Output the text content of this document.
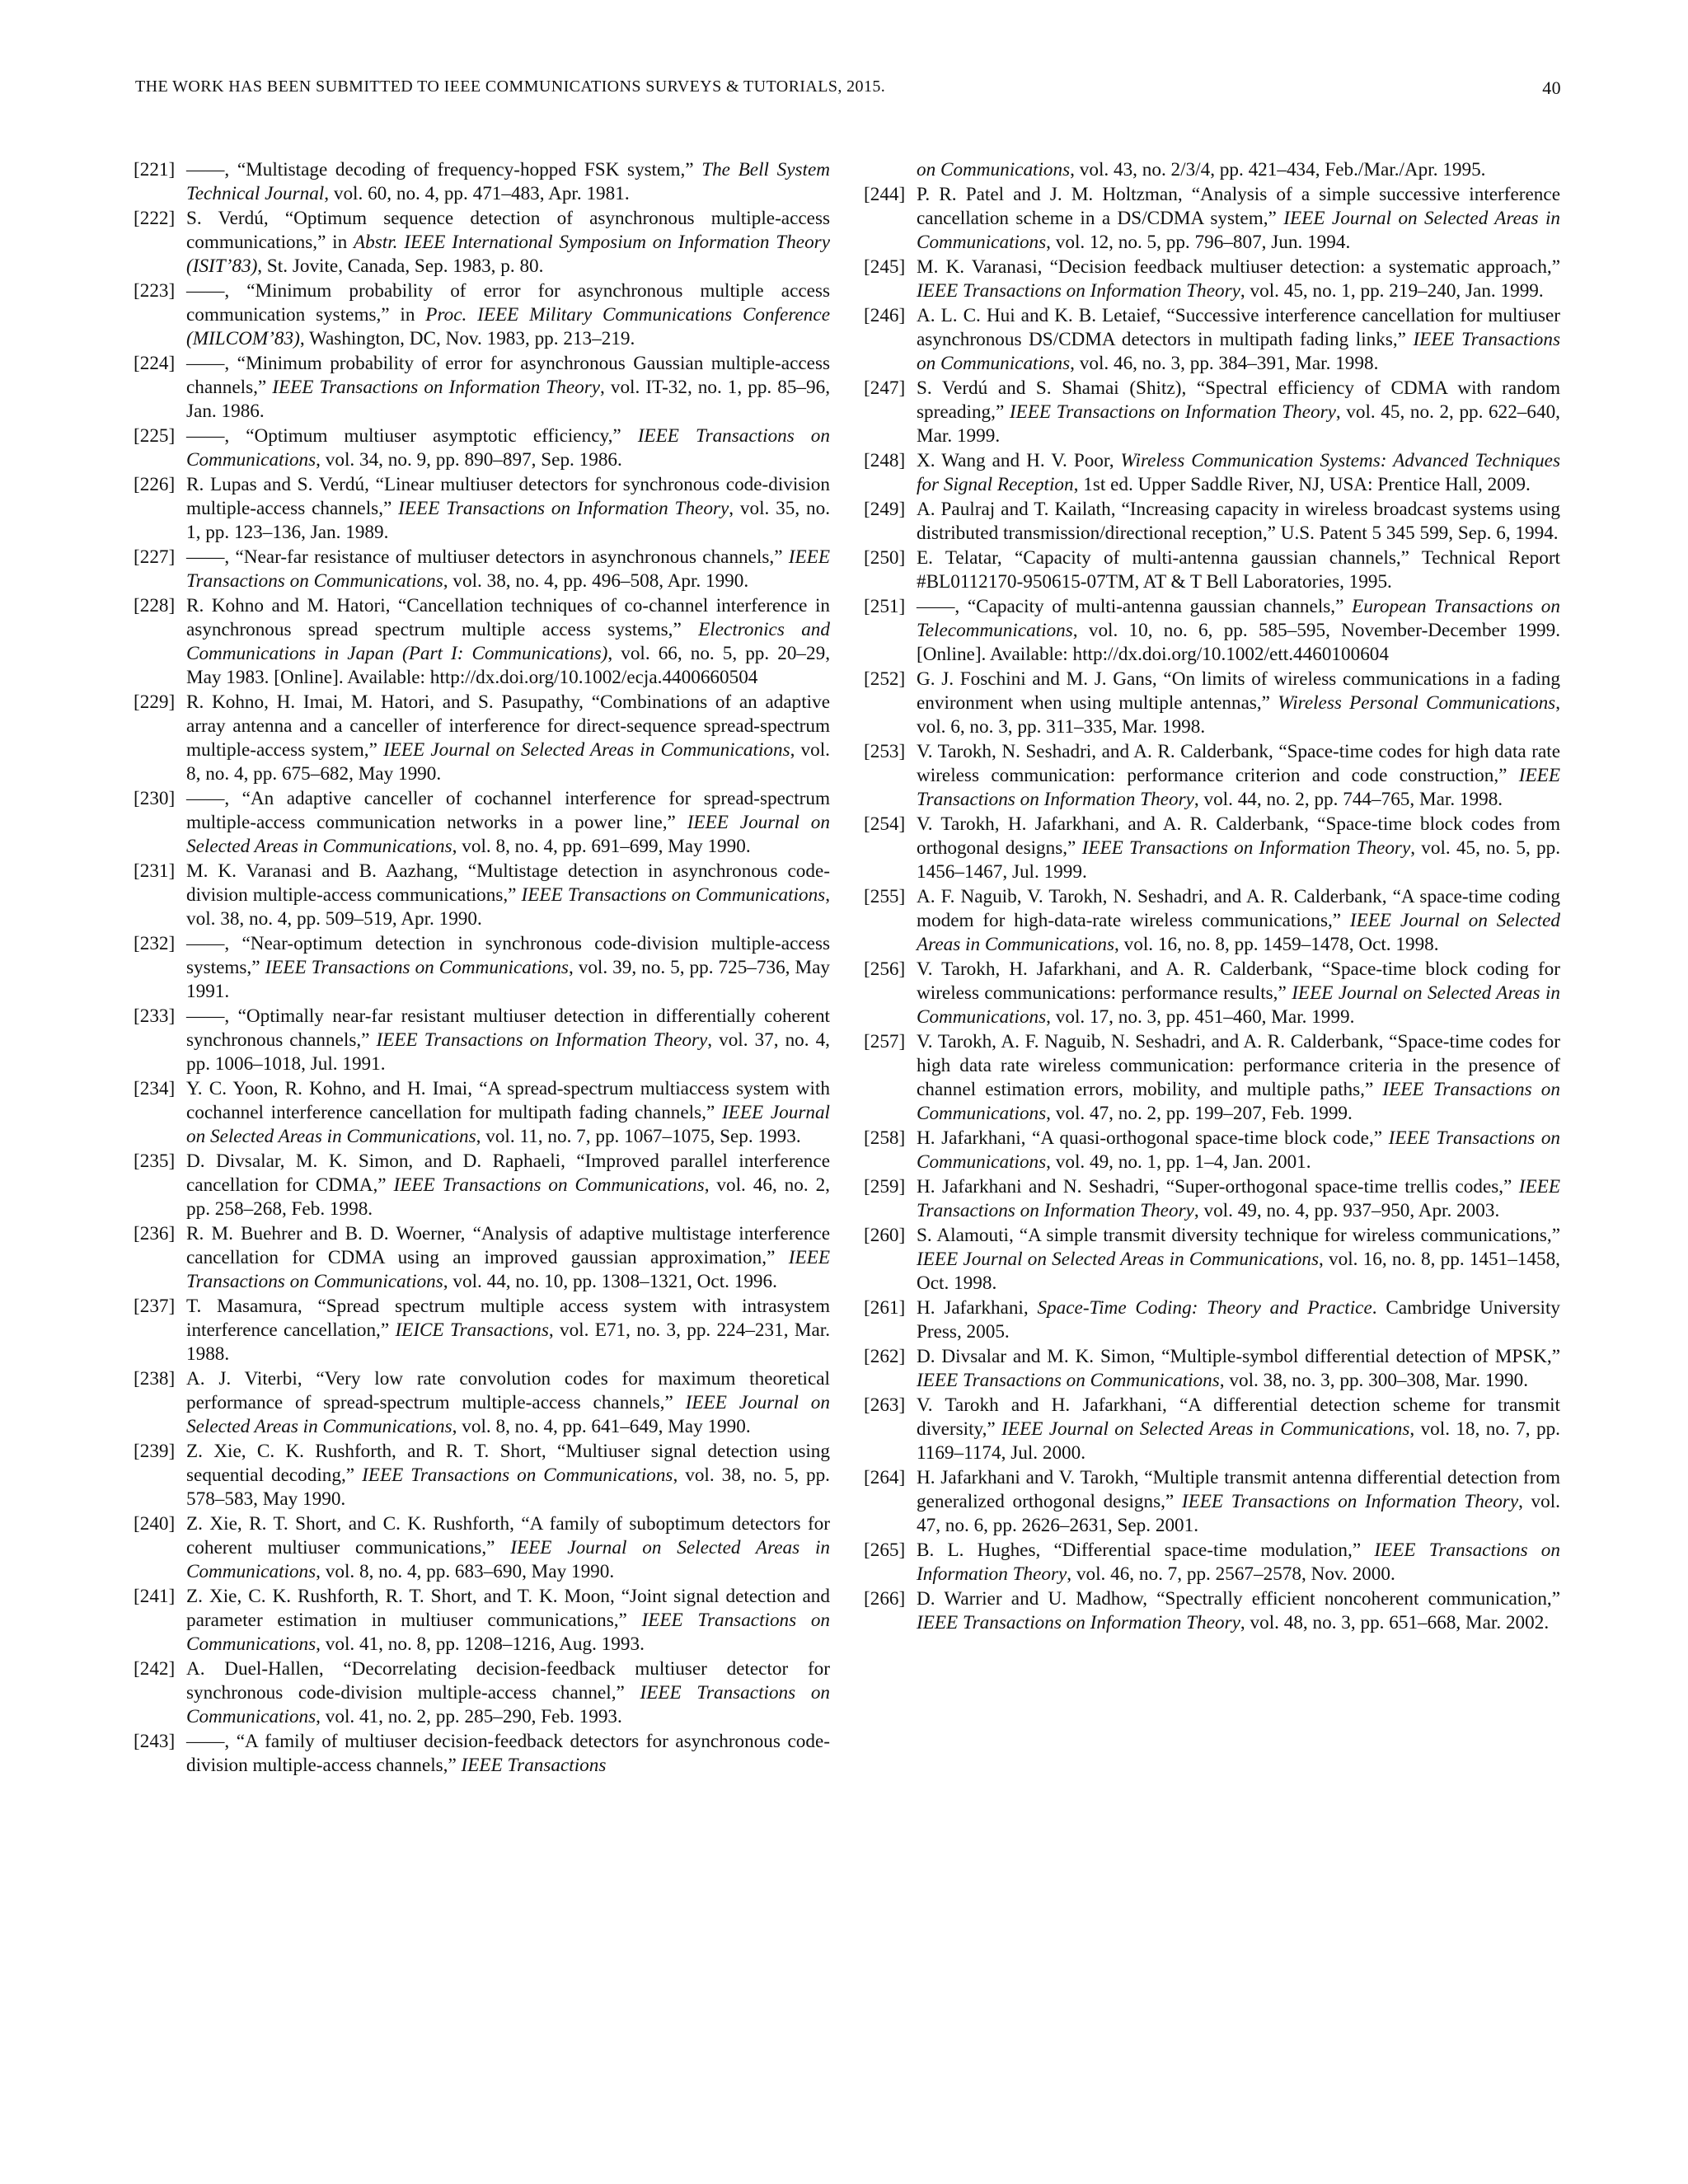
THE WORK HAS BEEN SUBMITTED TO IEEE COMMUNICATIONS SURVEYS & TUTORIALS, 2015.	40
[221] ——, “Multistage decoding of frequency-hopped FSK system,” The Bell System Technical Journal, vol. 60, no. 4, pp. 471–483, Apr. 1981.
[222] S. Verdú, “Optimum sequence detection of asynchronous multiple-access communications,” in Abstr. IEEE International Symposium on Information Theory (ISIT’83), St. Jovite, Canada, Sep. 1983, p. 80.
[223] ——, “Minimum probability of error for asynchronous multiple access communication systems,” in Proc. IEEE Military Communications Conference (MILCOM’83), Washington, DC, Nov. 1983, pp. 213–219.
[224] ——, “Minimum probability of error for asynchronous Gaussian multiple-access channels,” IEEE Transactions on Information Theory, vol. IT-32, no. 1, pp. 85–96, Jan. 1986.
[225] ——, “Optimum multiuser asymptotic efficiency,” IEEE Transactions on Communications, vol. 34, no. 9, pp. 890–897, Sep. 1986.
[226] R. Lupas and S. Verdú, “Linear multiuser detectors for synchronous code-division multiple-access channels,” IEEE Transactions on Information Theory, vol. 35, no. 1, pp. 123–136, Jan. 1989.
[227] ——, “Near-far resistance of multiuser detectors in asynchronous channels,” IEEE Transactions on Communications, vol. 38, no. 4, pp. 496–508, Apr. 1990.
[228] R. Kohno and M. Hatori, “Cancellation techniques of co-channel interference in asynchronous spread spectrum multiple access systems,” Electronics and Communications in Japan (Part I: Communications), vol. 66, no. 5, pp. 20–29, May 1983. [Online]. Available: http://dx.doi.org/10.1002/ecja.4400660504
[229] R. Kohno, H. Imai, M. Hatori, and S. Pasupathy, “Combinations of an adaptive array antenna and a canceller of interference for direct-sequence spread-spectrum multiple-access system,” IEEE Journal on Selected Areas in Communications, vol. 8, no. 4, pp. 675–682, May 1990.
[230] ——, “An adaptive canceller of cochannel interference for spread-spectrum multiple-access communication networks in a power line,” IEEE Journal on Selected Areas in Communications, vol. 8, no. 4, pp. 691–699, May 1990.
[231] M. K. Varanasi and B. Aazhang, “Multistage detection in asynchronous code-division multiple-access communications,” IEEE Transactions on Communications, vol. 38, no. 4, pp. 509–519, Apr. 1990.
[232] ——, “Near-optimum detection in synchronous code-division multiple-access systems,” IEEE Transactions on Communications, vol. 39, no. 5, pp. 725–736, May 1991.
[233] ——, “Optimally near-far resistant multiuser detection in differentially coherent synchronous channels,” IEEE Transactions on Information Theory, vol. 37, no. 4, pp. 1006–1018, Jul. 1991.
[234] Y. C. Yoon, R. Kohno, and H. Imai, “A spread-spectrum multiaccess system with cochannel interference cancellation for multipath fading channels,” IEEE Journal on Selected Areas in Communications, vol. 11, no. 7, pp. 1067–1075, Sep. 1993.
[235] D. Divsalar, M. K. Simon, and D. Raphaeli, “Improved parallel interference cancellation for CDMA,” IEEE Transactions on Communications, vol. 46, no. 2, pp. 258–268, Feb. 1998.
[236] R. M. Buehrer and B. D. Woerner, “Analysis of adaptive multistage interference cancellation for CDMA using an improved gaussian approximation,” IEEE Transactions on Communications, vol. 44, no. 10, pp. 1308–1321, Oct. 1996.
[237] T. Masamura, “Spread spectrum multiple access system with intrasystem interference cancellation,” IEICE Transactions, vol. E71, no. 3, pp. 224–231, Mar. 1988.
[238] A. J. Viterbi, “Very low rate convolution codes for maximum theoretical performance of spread-spectrum multiple-access channels,” IEEE Journal on Selected Areas in Communications, vol. 8, no. 4, pp. 641–649, May 1990.
[239] Z. Xie, C. K. Rushforth, and R. T. Short, “Multiuser signal detection using sequential decoding,” IEEE Transactions on Communications, vol. 38, no. 5, pp. 578–583, May 1990.
[240] Z. Xie, R. T. Short, and C. K. Rushforth, “A family of suboptimum detectors for coherent multiuser communications,” IEEE Journal on Selected Areas in Communications, vol. 8, no. 4, pp. 683–690, May 1990.
[241] Z. Xie, C. K. Rushforth, R. T. Short, and T. K. Moon, “Joint signal detection and parameter estimation in multiuser communications,” IEEE Transactions on Communications, vol. 41, no. 8, pp. 1208–1216, Aug. 1993.
[242] A. Duel-Hallen, “Decorrelating decision-feedback multiuser detector for synchronous code-division multiple-access channel,” IEEE Transactions on Communications, vol. 41, no. 2, pp. 285–290, Feb. 1993.
[243] ——, “A family of multiuser decision-feedback detectors for asynchronous code-division multiple-access channels,” IEEE Transactions
on Communications, vol. 43, no. 2/3/4, pp. 421–434, Feb./Mar./Apr. 1995.
[244] P. R. Patel and J. M. Holtzman, “Analysis of a simple successive interference cancellation scheme in a DS/CDMA system,” IEEE Journal on Selected Areas in Communications, vol. 12, no. 5, pp. 796–807, Jun. 1994.
[245] M. K. Varanasi, “Decision feedback multiuser detection: a systematic approach,” IEEE Transactions on Information Theory, vol. 45, no. 1, pp. 219–240, Jan. 1999.
[246] A. L. C. Hui and K. B. Letaief, “Successive interference cancellation for multiuser asynchronous DS/CDMA detectors in multipath fading links,” IEEE Transactions on Communications, vol. 46, no. 3, pp. 384–391, Mar. 1998.
[247] S. Verdú and S. Shamai (Shitz), “Spectral efficiency of CDMA with random spreading,” IEEE Transactions on Information Theory, vol. 45, no. 2, pp. 622–640, Mar. 1999.
[248] X. Wang and H. V. Poor, Wireless Communication Systems: Advanced Techniques for Signal Reception, 1st ed. Upper Saddle River, NJ, USA: Prentice Hall, 2009.
[249] A. Paulraj and T. Kailath, “Increasing capacity in wireless broadcast systems using distributed transmission/directional reception,” U.S. Patent 5 345 599, Sep. 6, 1994.
[250] E. Telatar, “Capacity of multi-antenna gaussian channels,” Technical Report #BL0112170-950615-07TM, AT & T Bell Laboratories, 1995.
[251] ——, “Capacity of multi-antenna gaussian channels,” European Transactions on Telecommunications, vol. 10, no. 6, pp. 585–595, November-December 1999. [Online]. Available: http://dx.doi.org/10.1002/ett.4460100604
[252] G. J. Foschini and M. J. Gans, “On limits of wireless communications in a fading environment when using multiple antennas,” Wireless Personal Communications, vol. 6, no. 3, pp. 311–335, Mar. 1998.
[253] V. Tarokh, N. Seshadri, and A. R. Calderbank, “Space-time codes for high data rate wireless communication: performance criterion and code construction,” IEEE Transactions on Information Theory, vol. 44, no. 2, pp. 744–765, Mar. 1998.
[254] V. Tarokh, H. Jafarkhani, and A. R. Calderbank, “Space-time block codes from orthogonal designs,” IEEE Transactions on Information Theory, vol. 45, no. 5, pp. 1456–1467, Jul. 1999.
[255] A. F. Naguib, V. Tarokh, N. Seshadri, and A. R. Calderbank, “A space-time coding modem for high-data-rate wireless communications,” IEEE Journal on Selected Areas in Communications, vol. 16, no. 8, pp. 1459–1478, Oct. 1998.
[256] V. Tarokh, H. Jafarkhani, and A. R. Calderbank, “Space-time block coding for wireless communications: performance results,” IEEE Journal on Selected Areas in Communications, vol. 17, no. 3, pp. 451–460, Mar. 1999.
[257] V. Tarokh, A. F. Naguib, N. Seshadri, and A. R. Calderbank, “Space-time codes for high data rate wireless communication: performance criteria in the presence of channel estimation errors, mobility, and multiple paths,” IEEE Transactions on Communications, vol. 47, no. 2, pp. 199–207, Feb. 1999.
[258] H. Jafarkhani, “A quasi-orthogonal space-time block code,” IEEE Transactions on Communications, vol. 49, no. 1, pp. 1–4, Jan. 2001.
[259] H. Jafarkhani and N. Seshadri, “Super-orthogonal space-time trellis codes,” IEEE Transactions on Information Theory, vol. 49, no. 4, pp. 937–950, Apr. 2003.
[260] S. Alamouti, “A simple transmit diversity technique for wireless communications,” IEEE Journal on Selected Areas in Communications, vol. 16, no. 8, pp. 1451–1458, Oct. 1998.
[261] H. Jafarkhani, Space-Time Coding: Theory and Practice. Cambridge University Press, 2005.
[262] D. Divsalar and M. K. Simon, “Multiple-symbol differential detection of MPSK,” IEEE Transactions on Communications, vol. 38, no. 3, pp. 300–308, Mar. 1990.
[263] V. Tarokh and H. Jafarkhani, “A differential detection scheme for transmit diversity,” IEEE Journal on Selected Areas in Communications, vol. 18, no. 7, pp. 1169–1174, Jul. 2000.
[264] H. Jafarkhani and V. Tarokh, “Multiple transmit antenna differential detection from generalized orthogonal designs,” IEEE Transactions on Information Theory, vol. 47, no. 6, pp. 2626–2631, Sep. 2001.
[265] B. L. Hughes, “Differential space-time modulation,” IEEE Transactions on Information Theory, vol. 46, no. 7, pp. 2567–2578, Nov. 2000.
[266] D. Warrier and U. Madhow, “Spectrally efficient noncoherent communication,” IEEE Transactions on Information Theory, vol. 48, no. 3, pp. 651–668, Mar. 2002.
